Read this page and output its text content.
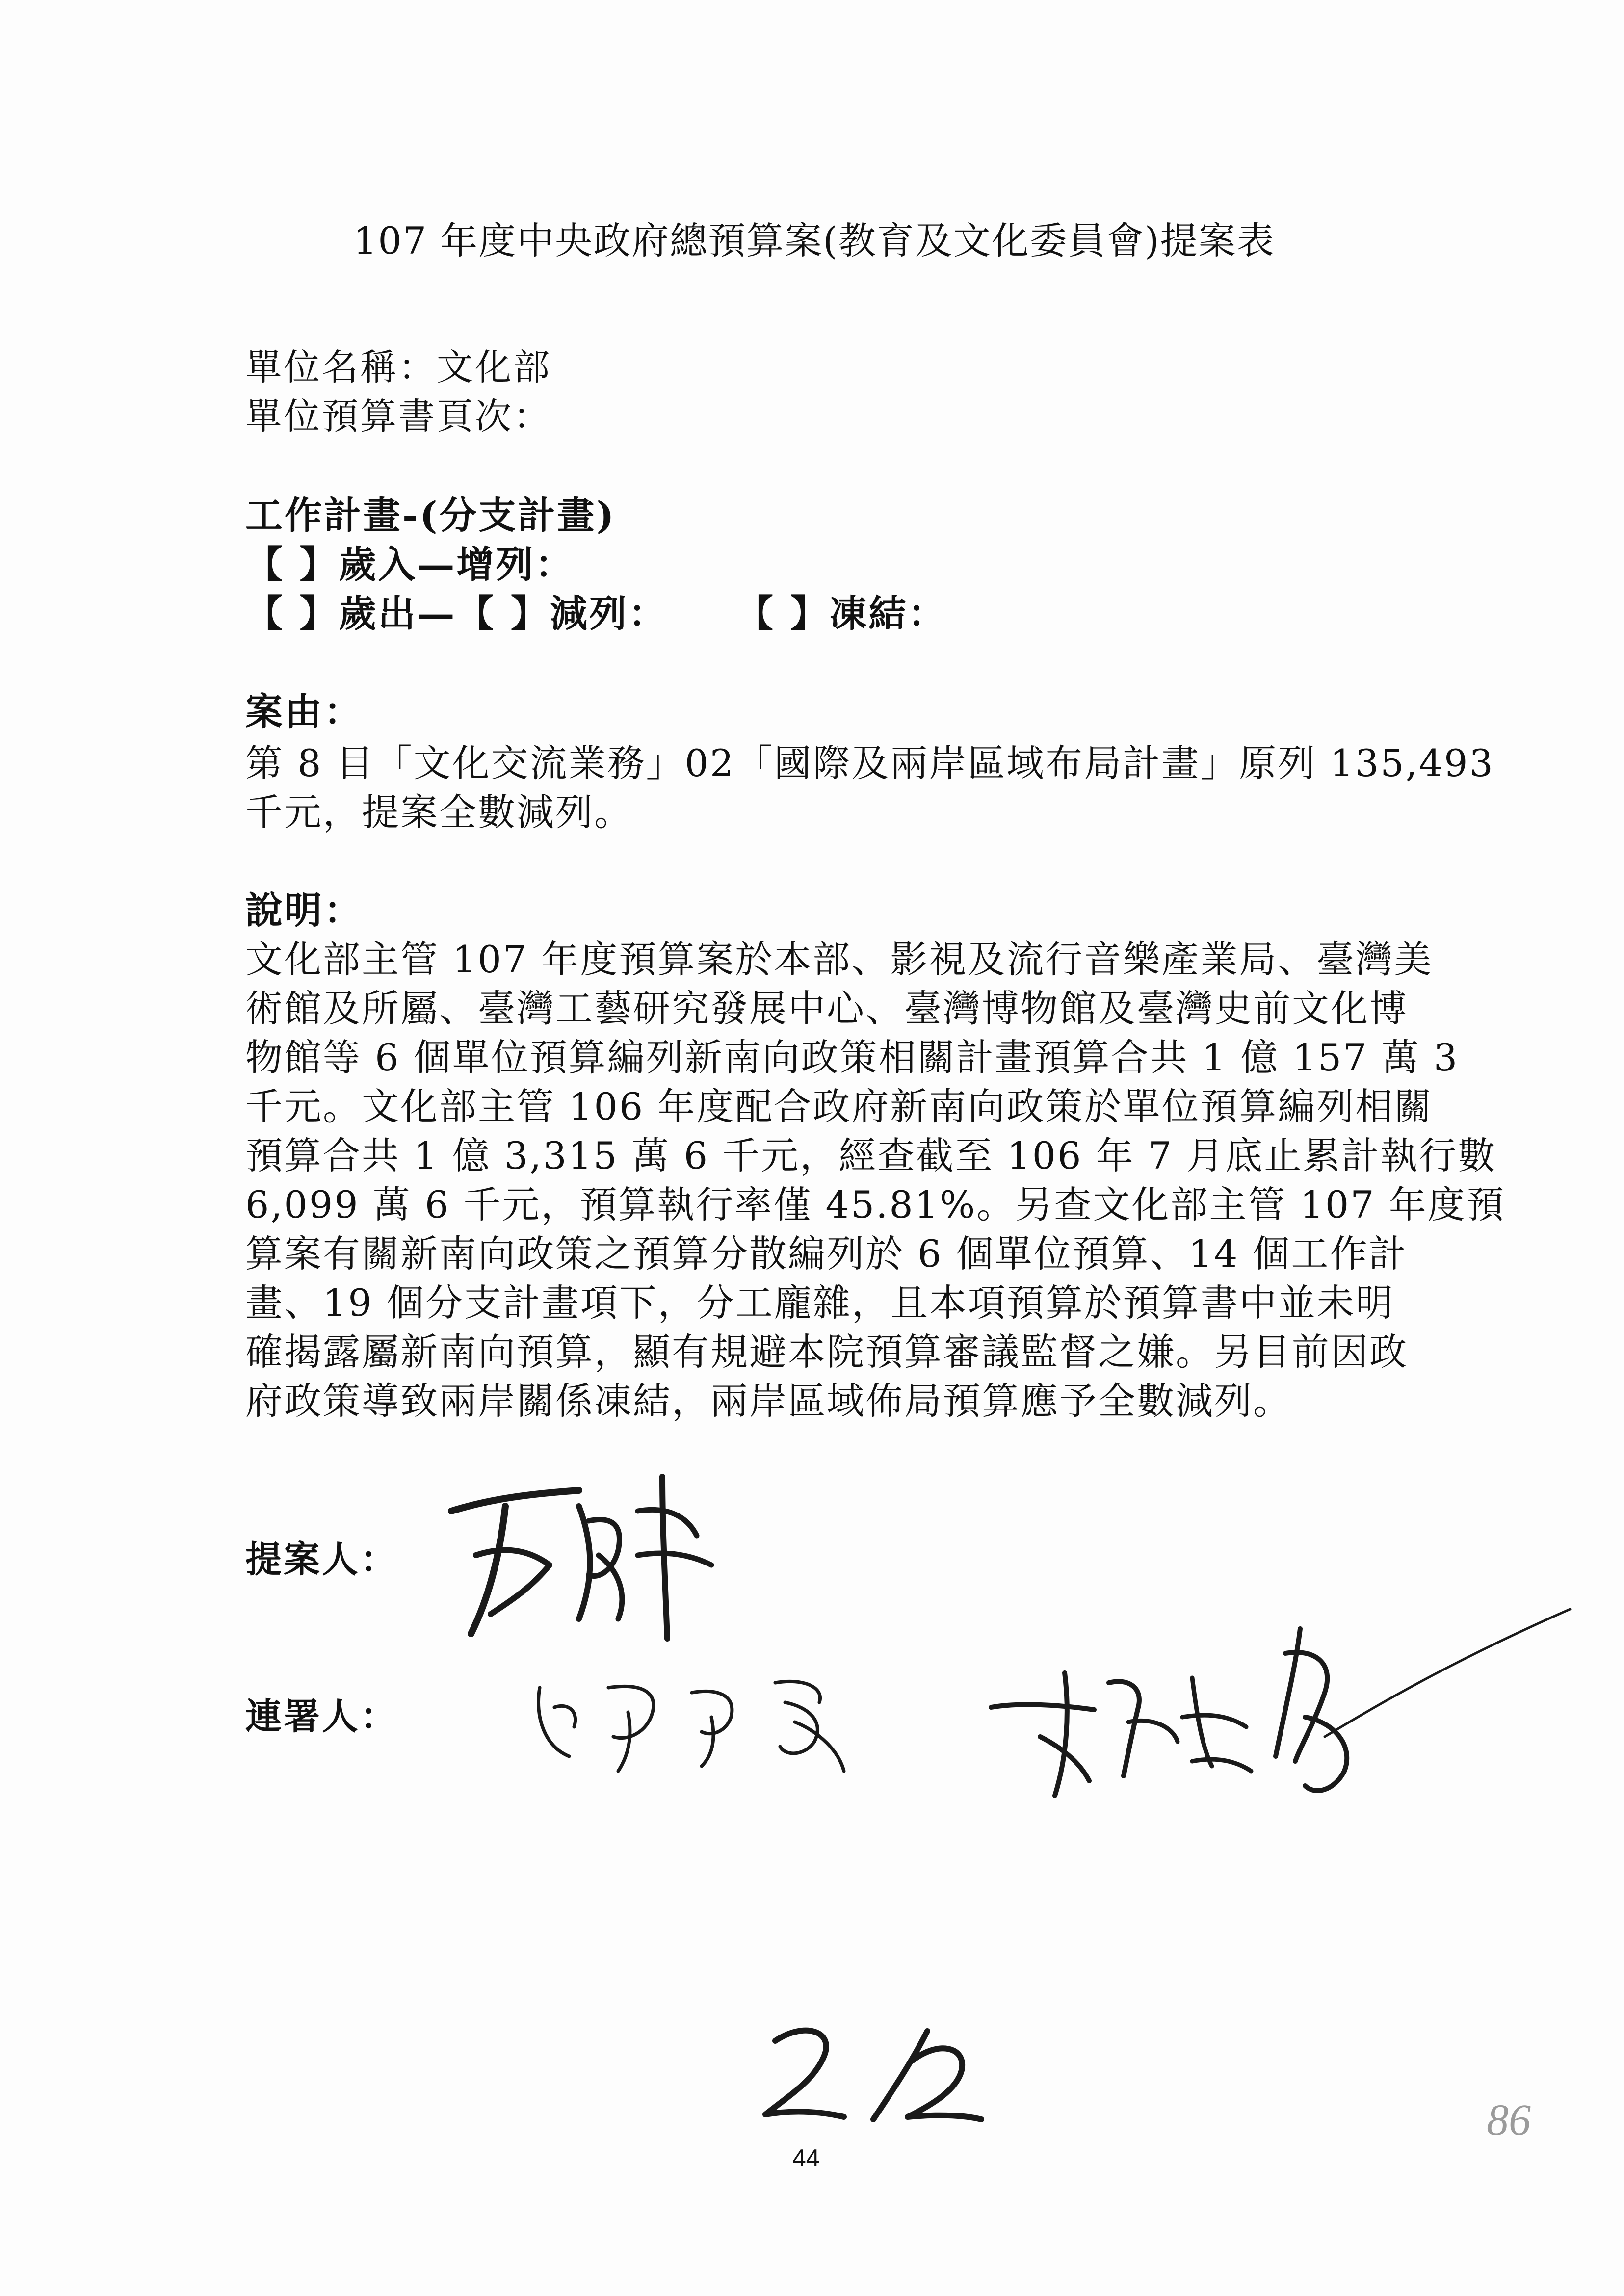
107 年度中央政府總預算案(教育及文化委員會)提案表

單位名稱：文化部

單位預算書頁次：

工作計畫-(分支計畫)

【 】歲入—增列：

【 】歲出—【 】減列： 【 】凍結：

案由：

第 8 目「文化交流業務」02「國際及兩岸區域布局計畫」原列 135,493

千元，提案全數減列。

說明：

文化部主管 107 年度預算案於本部、影視及流行音樂產業局、臺灣美

術館及所屬、臺灣工藝研究發展中心、臺灣博物館及臺灣史前文化博

物館等 6 個單位預算編列新南向政策相關計畫預算合共 1 億 157 萬 3

千元。文化部主管 106 年度配合政府新南向政策於單位預算編列相關

預算合共 1 億 3,315 萬 6 千元，經查截至 106 年 7 月底止累計執行數

6,099 萬 6 千元，預算執行率僅 45.81%。另查文化部主管 107 年度預

算案有關新南向政策之預算分散編列於 6 個單位預算、14 個工作計

畫、19 個分支計畫項下，分工龐雜，且本項預算於預算書中並未明

確揭露屬新南向預算，顯有規避本院預算審議監督之嫌。另目前因政

府政策導致兩岸關係凍結，兩岸區域佈局預算應予全數減列。

提案人：

連署人：

44

86
